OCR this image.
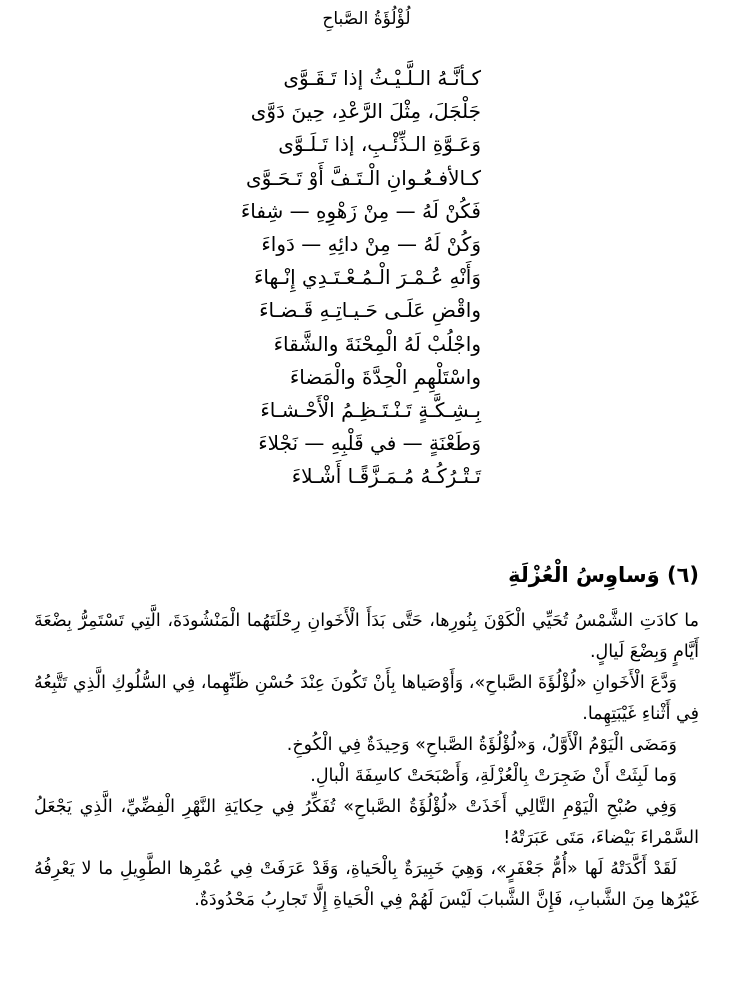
لُؤْلُؤَةُ الصَّباحِ
كـأنَّـهُ الـلَّـيْـثُ إذا تَـقَـوَّى
جَلْجَلَ، مِثْلَ الرَّعْدِ، حِينَ دَوَّى
وَعَـوَّةِ الـذِّئْـبِ، إذا تَـلَـوَّى
كـالأفـعُـوانِ الْـتَـفَّ أَوْ تَـحَـوَّى
فَكُنْ لَهُ — مِنْ زَهْوِهِ — شِفاءَ
وَكُنْ لَهُ — مِنْ دائِهِ — دَواءَ
وَأَنْهِ عُـمْـرَ الْـمُـعْـتَـدِي إِنْـهاءَ
واقْضِ عَلَـى حَـيـاتِـهِ قَـضـاءَ
واجْلُبْ لَهُ الْمِحْنَةَ والشَّقاءَ
واسْتَلْهِمِ الْحِدَّةَ والْمَضاءَ
بِـشِـكَّـةٍ تَـنْـتَـظِـمُ الْأَحْـشـاءَ
وَطَعْنَةٍ — في قَلْبِهِ — نَجْلاءَ
تَـتْـرُكُـهُ مُـمَـزَّقًـا أَشْـلاءَ
(٦) وَساوِسُ الْعُزْلَةِ

ما كادَتِ الشَّمْسُ تُحَيِّي الْكَوْنَ بِنُورِها، حَتَّى بَدَأَ الْأَخَوانِ رِحْلَتَهُما الْمَنْشُودَةَ، الَّتِي تَسْتَمِرُّ بِضْعَةَ أَيَّامٍ وَبِضْعَ لَيالٍ.

وَدَّعَ الْأَخَوانِ «لُؤْلُؤَةَ الصَّباحِ»، وَأَوْصَياها بِأَنْ تَكُونَ عِنْدَ حُسْنِ ظَنِّهِما، فِي السُّلُوكِ الَّذِي تَتَّبِعُهُ فِي أَثْناءِ غَيْبَتِهِما.

وَمَضَى الْيَوْمُ الْأَوَّلُ، وَ«لُؤْلُؤَةُ الصَّباحِ» وَحِيدَةٌ فِي الْكُوخِ.

وَما لَبِثَتْ أَنْ ضَجِرَتْ بِالْعُزْلَةِ، وَأَصْبَحَتْ كاسِفَةَ الْبالِ.

وَفِي صُبْحِ الْيَوْمِ التَّالِي أَخَذَتْ «لُؤْلُؤَةُ الصَّباحِ» تُفَكِّرُ فِي حِكايَةِ النَّهْرِ الْفِضِّيِّ، الَّذِي يَجْعَلُ السَّمْراءَ بَيْضاءَ، مَتَى عَبَرَتْهُ!

لَقَدْ أَكَّدَتْهُ لَها «أُمُّ جَعْفَرٍ»، وَهِيَ خَبِيرَةٌ بِالْحَياةِ، وَقَدْ عَرَفَتْ فِي عُمْرِها الطَّوِيلِ ما لا يَعْرِفُهُ غَيْرُها مِنَ الشَّبابِ، فَإِنَّ الشَّبابَ لَيْسَ لَهُمْ فِي الْحَياةِ إِلَّا تَجارِبُ مَحْدُودَةٌ.
